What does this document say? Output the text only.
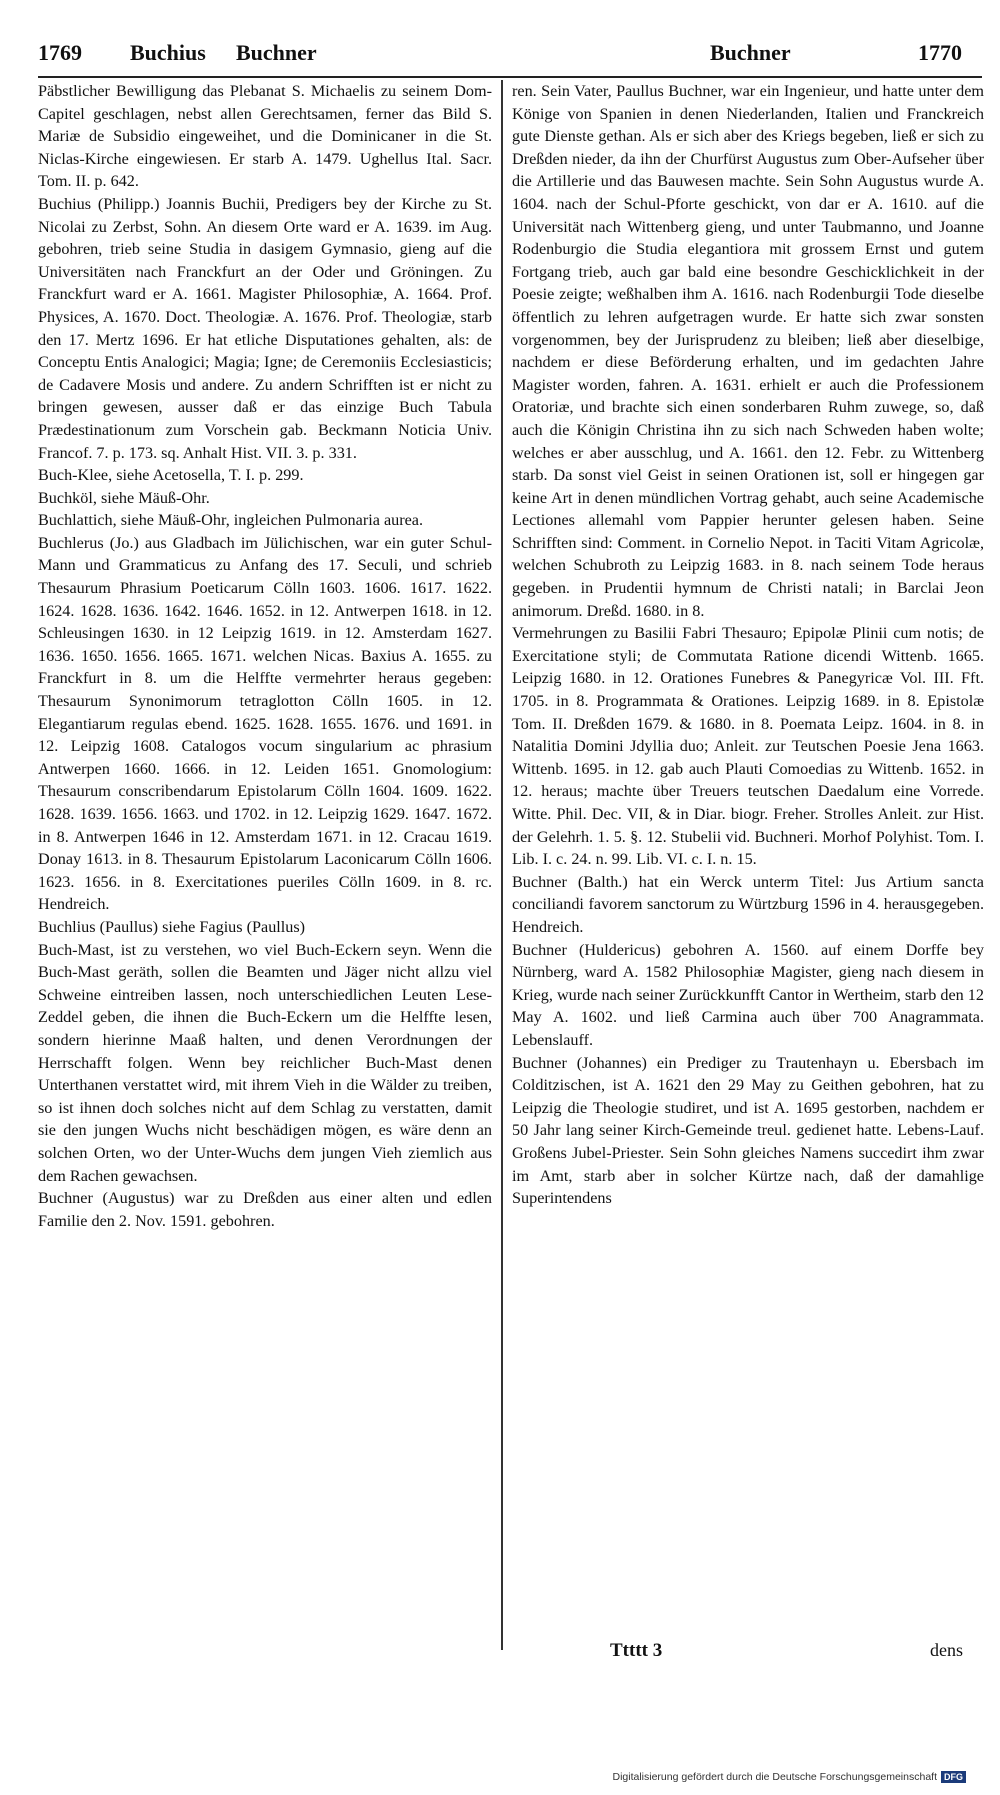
1769 Buchius Buchner	Buchner	1770

Päbstlicher Bewilligung das Plebanat S. Michaelis zu seinem Dom-Capitel geschlagen, nebst allen Gerechtsamen, ferner das Bild S. Mariæ de Subsidio eingeweihet, und die Dominicaner in die St. Niclas-Kirche eingewiesen. Er starb A. 1479. Ughellus Ital. Sacr. Tom. II. p. 642.

Buchius (Philipp.) Joannis Buchii, Predigers bey der Kirche zu St. Nicolai zu Zerbst, Sohn. An diesem Orte ward er A. 1639. im Aug. gebohren, trieb seine Studia in dasigem Gymnasio, gieng auf die Universitäten nach Franckfurt an der Oder und Gröningen. Zu Franckfurt ward er A. 1661. Magister Philosophiæ, A. 1664. Prof. Physices, A. 1670. Doct. Theologiæ. A. 1676. Prof. Theologiæ, starb den 17. Mertz 1696. Er hat etliche Disputationes gehalten, als: de Conceptu Entis Analogici; Magia; Igne; de Ceremoniis Ecclesiasticis; de Cadavere Mosis und andere. Zu andern Schrifften ist er nicht zu bringen gewesen, ausser daß er das einzige Buch Tabula Prædestinationum zum Vorschein gab. Beckmann Noticia Univ. Francof. 7. p. 173. sq. Anhalt Hist. VII. 3. p. 331.

Buch-Klee, siehe Acetosella, T. I. p. 299.

Buchköl, siehe Mäuß-Ohr.

Buchlattich, siehe Mäuß-Ohr, ingleichen Pulmonaria aurea.

Buchlerus (Jo.) aus Gladbach im Jülichischen, war ein guter Schul-Mann und Grammaticus zu Anfang des 17. Seculi, und schrieb Thesaurum Phrasium Poeticarum Cölln 1603. 1606. 1617. 1622. 1624. 1628. 1636. 1642. 1646. 1652. in 12. Antwerpen 1618. in 12. Schleusingen 1630. in 12 Leipzig 1619. in 12. Amsterdam 1627. 1636. 1650. 1656. 1665. 1671. welchen Nicas. Baxius A. 1655. zu Franckfurt in 8. um die Helffte vermehrter heraus gegeben: Thesaurum Synonimorum tetraglotton Cölln 1605. in 12. Elegantiarum regulas ebend. 1625. 1628. 1655. 1676. und 1691. in 12. Leipzig 1608. Catalogos vocum singularium ac phrasium Antwerpen 1660. 1666. in 12. Leiden 1651. Gnomologium: Thesaurum conscribendarum Epistolarum Cölln 1604. 1609. 1622. 1628. 1639. 1656. 1663. und 1702. in 12. Leipzig 1629. 1647. 1672. in 8. Antwerpen 1646 in 12. Amsterdam 1671. in 12. Cracau 1619. Donay 1613. in 8. Thesaurum Epistolarum Laconicarum Cölln 1606. 1623. 1656. in 8. Exercitationes pueriles Cölln 1609. in 8. rc. Hendreich.

Buchlius (Paullus) siehe Fagius (Paullus)

Buch-Mast, ist zu verstehen, wo viel Buch-Eckern seyn. Wenn die Buch-Mast geräth, sollen die Beamten und Jäger nicht allzu viel Schweine eintreiben lassen, noch unterschiedlichen Leuten Lese-Zeddel geben, die ihnen die Buch-Eckern um die Helffte lesen, sondern hierinne Maaß halten, und denen Verordnungen der Herrschafft folgen. Wenn bey reichlicher Buch-Mast denen Unterthanen verstattet wird, mit ihrem Vieh in die Wälder zu treiben, so ist ihnen doch solches nicht auf dem Schlag zu verstatten, damit sie den jungen Wuchs nicht beschädigen mögen, es wäre denn an solchen Orten, wo der Unter-Wuchs dem jungen Vieh ziemlich aus dem Rachen gewachsen.

Buchner (Augustus) war zu Dreßden aus einer alten und edlen Familie den 2. Nov. 1591. gebohren.

ren. Sein Vater, Paullus Buchner, war ein Ingenieur, und hatte unter dem Könige von Spanien in denen Niederlanden, Italien und Franckreich gute Dienste gethan. Als er sich aber des Kriegs begeben, ließ er sich zu Dreßden nieder, da ihn der Churfürst Augustus zum Ober-Aufseher über die Artillerie und das Bauwesen machte. Sein Sohn Augustus wurde A. 1604. nach der Schul-Pforte geschickt, von dar er A. 1610. auf die Universität nach Wittenberg gieng, und unter Taubmanno, und Joanne Rodenburgio die Studia elegantiora mit grossem Ernst und gutem Fortgang trieb, auch gar bald eine besondre Geschicklichkeit in der Poesie zeigte; weßhalben ihm A. 1616. nach Rodenburgii Tode dieselbe öffentlich zu lehren aufgetragen wurde. Er hatte sich zwar sonsten vorgenommen, bey der Jurisprudenz zu bleiben; ließ aber dieselbige, nachdem er diese Beförderung erhalten, und im gedachten Jahre Magister worden, fahren. A. 1631. erhielt er auch die Professionem Oratoriæ, und brachte sich einen sonderbaren Ruhm zuwege, so, daß auch die Königin Christina ihn zu sich nach Schweden haben wolte; welches er aber ausschlug, und A. 1661. den 12. Febr. zu Wittenberg starb. Da sonst viel Geist in seinen Orationen ist, soll er hingegen gar keine Art in denen mündlichen Vortrag gehabt, auch seine Academische Lectiones allemahl vom Pappier herunter gelesen haben. Seine Schrifften sind: Comment. in Cornelio Nepot. in Taciti Vitam Agricolæ, welchen Schubroth zu Leipzig 1683. in 8. nach seinem Tode heraus gegeben. in Prudentii hymnum de Christi natali; in Barclai Jeon animorum. Dreßd. 1680. in 8.

Vermehrungen zu Basilii Fabri Thesauro; Epipolæ Plinii cum notis; de Exercitatione styli; de Commutata Ratione dicendi Wittenb. 1665. Leipzig 1680. in 12. Orationes Funebres & Panegyricæ Vol. III. Fft. 1705. in 8. Programmata & Orationes. Leipzig 1689. in 8. Epistolæ Tom. II. Dreßden 1679. & 1680. in 8. Poemata Leipz. 1604. in 8. in Natalitia Domini Jdyllia duo; Anleit. zur Teutschen Poesie Jena 1663. Wittenb. 1695. in 12. gab auch Plauti Comoedias zu Wittenb. 1652. in 12. heraus; machte über Treuers teutschen Daedalum eine Vorrede. Witte. Phil. Dec. VII, & in Diar. biogr. Freher. Strolles Anleit. zur Hist. der Gelehrh. 1. 5. §. 12. Stubelii vid. Buchneri. Morhof Polyhist. Tom. I. Lib. I. c. 24. n. 99. Lib. VI. c. I. n. 15.

Buchner (Balth.) hat ein Werck unterm Titel: Jus Artium sancta conciliandi favorem sanctorum zu Würtzburg 1596 in 4. herausgegeben. Hendreich.

Buchner (Huldericus) gebohren A. 1560. auf einem Dorffe bey Nürnberg, ward A. 1582 Philosophiæ Magister, gieng nach diesem in Krieg, wurde nach seiner Zurückkunfft Cantor in Wertheim, starb den 12 May A. 1602. und ließ Carmina auch über 700 Anagrammata. Lebenslauff.

Buchner (Johannes) ein Prediger zu Trautenhayn u. Ebersbach im Colditzischen, ist A. 1621 den 29 May zu Geithen gebohren, hat zu Leipzig die Theologie studiret, und ist A. 1695 gestorben, nachdem er 50 Jahr lang seiner Kirch-Gemeinde treul. gedienet hatte. Lebens-Lauf. Großens Jubel-Priester. Sein Sohn gleiches Namens succedirt ihm zwar im Amt, starb aber in solcher Kürtze nach, daß der damahlige Superintendens

Ttttt 3	dens
Digitalisierung gefördert durch die Deutsche Forschungsgemeinschaft DFG
